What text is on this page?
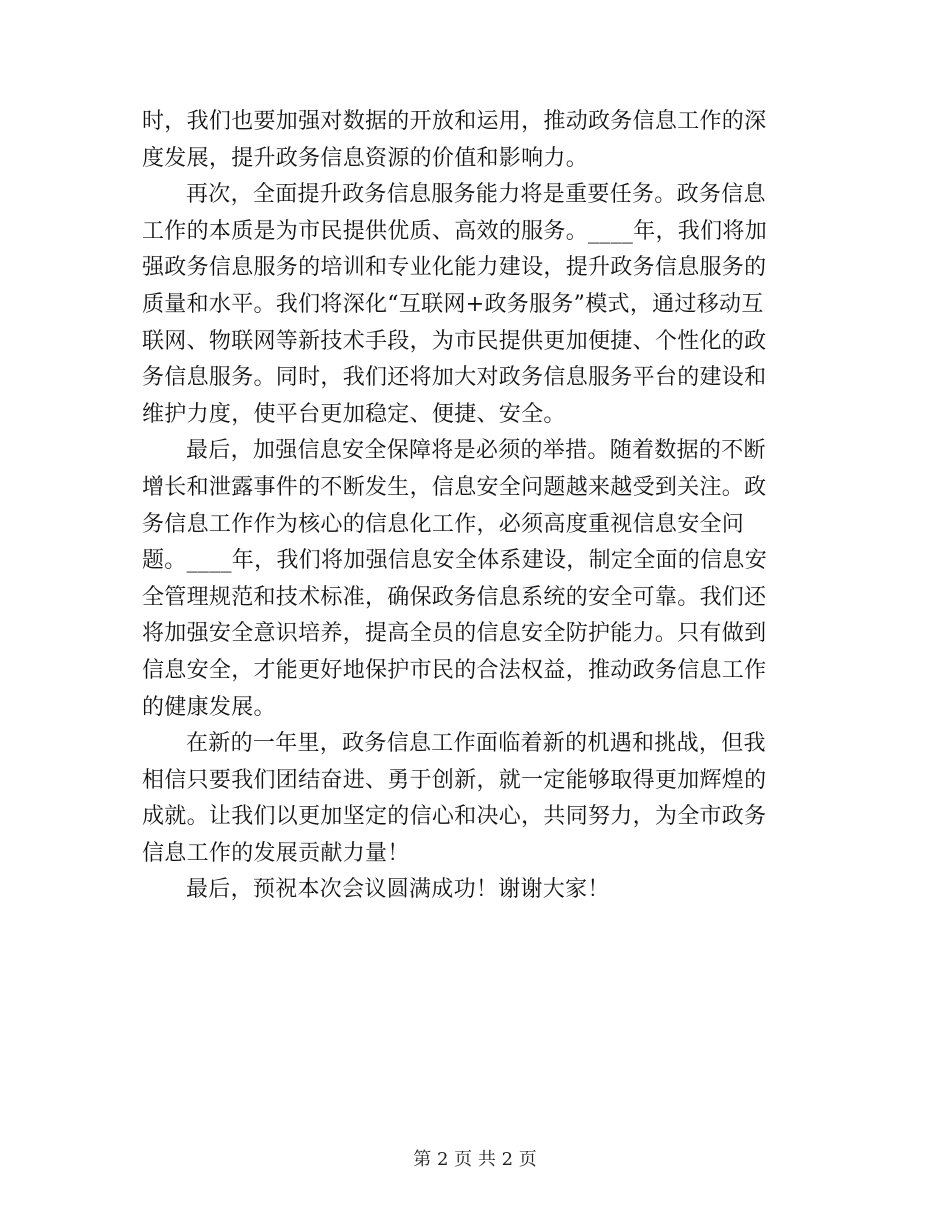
时，我们也要加强对数据的开放和运用，推动政务信息工作的深
度发展，提升政务信息资源的价值和影响力。
再次，全面提升政务信息服务能力将是重要任务。政务信息
工作的本质是为市民提供优质、高效的服务。____年，我们将加
强政务信息服务的培训和专业化能力建设，提升政务信息服务的
质量和水平。我们将深化“互联网+政务服务”模式，通过移动互
联网、物联网等新技术手段，为市民提供更加便捷、个性化的政
务信息服务。同时，我们还将加大对政务信息服务平台的建设和
维护力度，使平台更加稳定、便捷、安全。
最后，加强信息安全保障将是必须的举措。随着数据的不断
增长和泄露事件的不断发生，信息安全问题越来越受到关注。政
务信息工作作为核心的信息化工作，必须高度重视信息安全问
题。____年，我们将加强信息安全体系建设，制定全面的信息安
全管理规范和技术标准，确保政务信息系统的安全可靠。我们还
将加强安全意识培养，提高全员的信息安全防护能力。只有做到
信息安全，才能更好地保护市民的合法权益，推动政务信息工作
的健康发展。
在新的一年里，政务信息工作面临着新的机遇和挑战，但我
相信只要我们团结奋进、勇于创新，就一定能够取得更加辉煌的
成就。让我们以更加坚定的信心和决心，共同努力，为全市政务
信息工作的发展贡献力量！
最后，预祝本次会议圆满成功！谢谢大家！
第 2 页 共 2 页
